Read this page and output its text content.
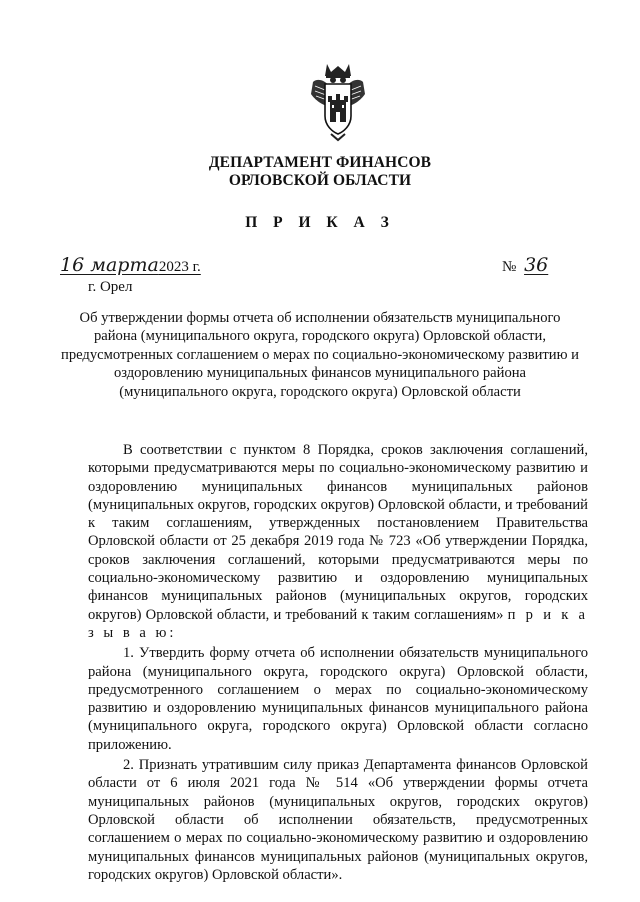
ДЕПАРТАМЕНТ ФИНАНСОВ
ОРЛОВСКОЙ ОБЛАСТИ
П Р И К А З
16 марта2023 г.	№ 36
г. Орел
Об утверждении формы отчета об исполнении обязательств муниципального района (муниципального округа, городского округа) Орловской области, предусмотренных соглашением о мерах по социально-экономическому развитию и оздоровлению муниципальных финансов муниципального района (муниципального округа, городского округа) Орловской области

В соответствии с пунктом 8 Порядка, сроков заключения соглашений, которыми предусматриваются меры по социально-экономическому развитию и оздоровлению муниципальных финансов муниципальных районов (муниципальных округов, городских округов) Орловской области, и требований к таким соглашениям, утвержденных постановлением Правительства Орловской области от 25 декабря 2019 года № 723 «Об утверждении Порядка, сроков заключения соглашений, которыми предусматриваются меры по социально-экономическому развитию и оздоровлению муниципальных финансов муниципальных районов (муниципальных округов, городских округов) Орловской области, и требований к таким соглашениям» п р и к а з ы в а ю:

1. Утвердить форму отчета об исполнении обязательств муниципального района (муниципального округа, городского округа) Орловской области, предусмотренного соглашением о мерах по социально-экономическому развитию и оздоровлению муниципальных финансов муниципального района (муниципального округа, городского округа) Орловской области согласно приложению.

2. Признать утратившим силу приказ Департамента финансов Орловской области от 6 июля 2021 года № 514 «Об утверждении формы отчета муниципальных районов (муниципальных округов, городских округов) Орловской области об исполнении обязательств, предусмотренных соглашением о мерах по социально-экономическому развитию и оздоровлению муниципальных финансов муниципальных районов (муниципальных округов, городских округов) Орловской области».
